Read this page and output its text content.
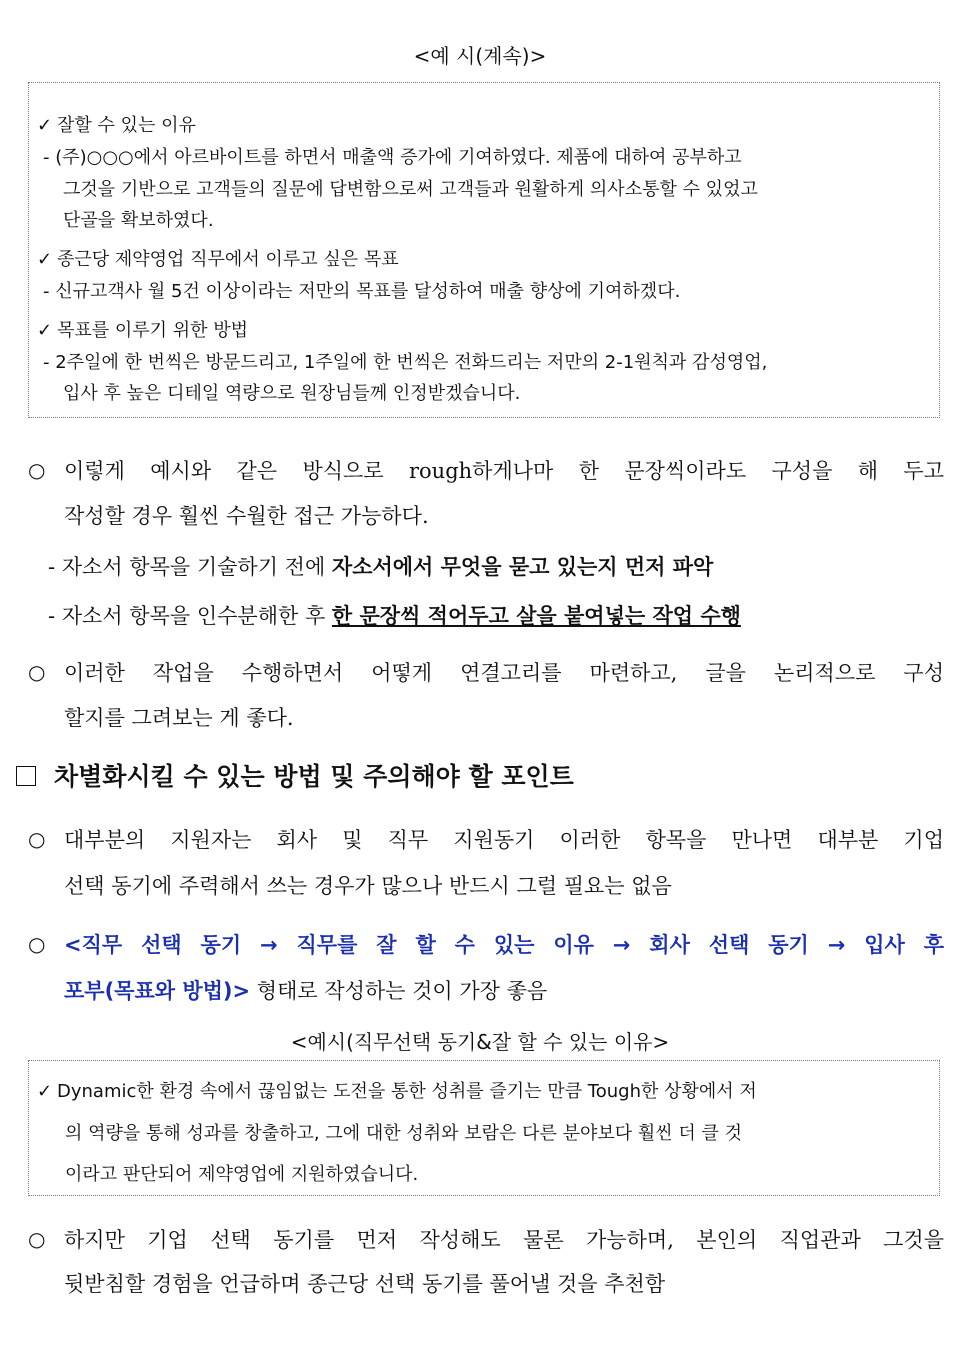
<예 시(계속)>
✓ 잘할 수 있는 이유
- (주)○○○에서 아르바이트를 하면서 매출액 증가에 기여하였다. 제품에 대하여 공부하고
그것을 기반으로 고객들의 질문에 답변함으로써 고객들과 원활하게 의사소통할 수 있었고
단골을 확보하였다.
✓ 종근당 제약영업 직무에서 이루고 싶은 목표
- 신규고객사 월 5건 이상이라는 저만의 목표를 달성하여 매출 향상에 기여하겠다.
✓ 목표를 이루기 위한 방법
- 2주일에 한 번씩은 방문드리고, 1주일에 한 번씩은 전화드리는 저만의 2-1원칙과 감성영업,
입사 후 높은 디테일 역량으로 원장님들께 인정받겠습니다.
○ 이렇게 예시와 같은 방식으로 rough하게나마 한 문장씩이라도 구성을 해 두고
작성할 경우 훨씬 수월한 접근 가능하다.
- 자소서 항목을 기술하기 전에 자소서에서 무엇을 묻고 있는지 먼저 파악
- 자소서 항목을 인수분해한 후 한 문장씩 적어두고 살을 붙여넣는 작업 수행
○ 이러한 작업을 수행하면서 어떻게 연결고리를 마련하고, 글을 논리적으로 구성
할지를 그려보는 게 좋다.
차별화시킬 수 있는 방법 및 주의해야 할 포인트
○ 대부분의 지원자는 회사 및 직무 지원동기 이러한 항목을 만나면 대부분 기업
선택 동기에 주력해서 쓰는 경우가 많으나 반드시 그럴 필요는 없음
○ <직무 선택 동기 → 직무를 잘 할 수 있는 이유 → 회사 선택 동기 → 입사 후
포부(목표와 방법)> 형태로 작성하는 것이 가장 좋음
<예시(직무선택 동기&잘 할 수 있는 이유>
✓ Dynamic한 환경 속에서 끊임없는 도전을 통한 성취를 즐기는 만큼 Tough한 상황에서 저
의 역량을 통해 성과를 창출하고, 그에 대한 성취와 보람은 다른 분야보다 훨씬 더 클 것
이라고 판단되어 제약영업에 지원하였습니다.
○ 하지만 기업 선택 동기를 먼저 작성해도 물론 가능하며, 본인의 직업관과 그것을
뒷받침할 경험을 언급하며 종근당 선택 동기를 풀어낼 것을 추천함
